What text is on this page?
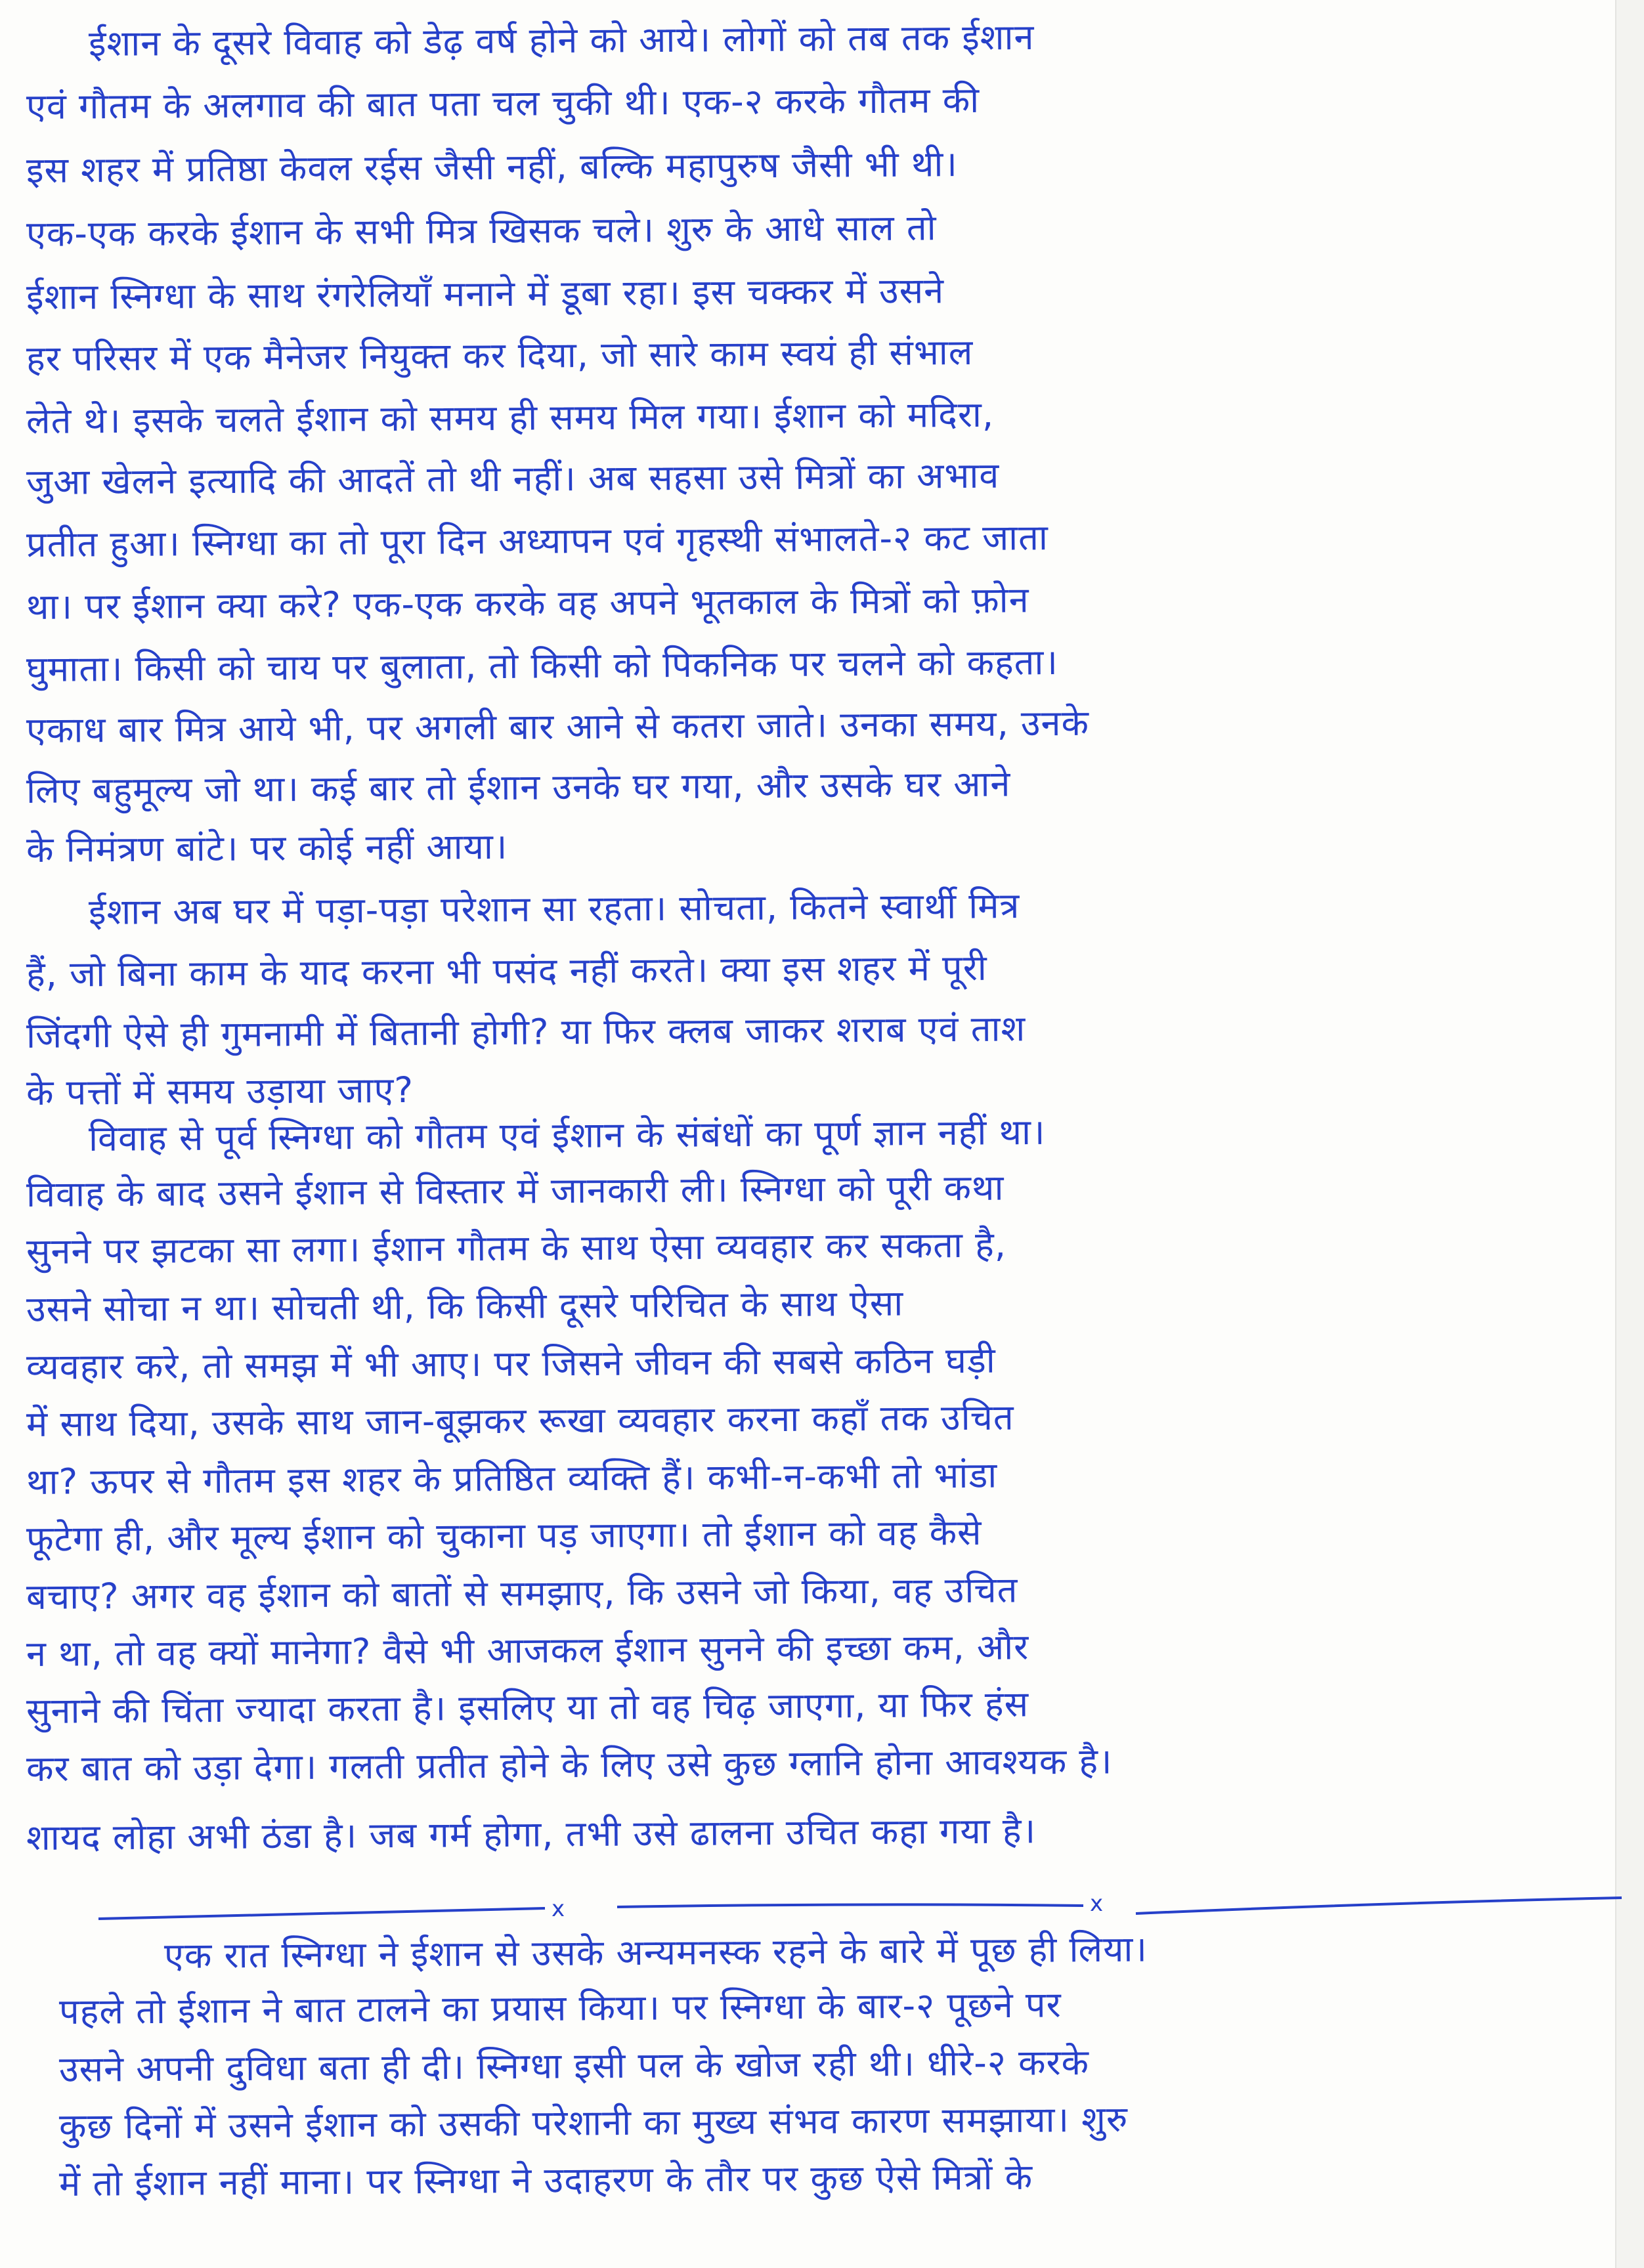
ईशान के दूसरे विवाह को डेढ़ वर्ष होने को आये। लोगों को तब तक ईशान
एवं गौतम के अलगाव की बात पता चल चुकी थी। एक-२ करके गौतम की
इस शहर में प्रतिष्ठा केवल रईस जैसी नहीं, बल्कि महापुरुष जैसी भी थी।
एक-एक करके ईशान के सभी मित्र खिसक चले। शुरु के आधे साल तो
ईशान स्निग्धा के साथ रंगरेलियाँ मनाने में डूबा रहा। इस चक्कर में उसने
हर परिसर में एक मैनेजर नियुक्त कर दिया, जो सारे काम स्वयं ही संभाल
लेते थे। इसके चलते ईशान को समय ही समय मिल गया। ईशान को मदिरा,
जुआ खेलने इत्यादि की आदतें तो थी नहीं। अब सहसा उसे मित्रों का अभाव
प्रतीत हुआ। स्निग्धा का तो पूरा दिन अध्यापन एवं गृहस्थी संभालते-२ कट जाता
था। पर ईशान क्या करे? एक-एक करके वह अपने भूतकाल के मित्रों को फ़ोन
घुमाता। किसी को चाय पर बुलाता, तो किसी को पिकनिक पर चलने को कहता।
एकाध बार मित्र आये भी, पर अगली बार आने से कतरा जाते। उनका समय, उनके
लिए बहुमूल्य जो था। कई बार तो ईशान उनके घर गया, और उसके घर आने
के निमंत्रण बांटे। पर कोई नहीं आया।
ईशान अब घर में पड़ा-पड़ा परेशान सा रहता। सोचता, कितने स्वार्थी मित्र
हैं, जो बिना काम के याद करना भी पसंद नहीं करते। क्या इस शहर में पूरी
जिंदगी ऐसे ही गुमनामी में बितानी होगी? या फिर क्लब जाकर शराब एवं ताश
के पत्तों में समय उड़ाया जाए?
विवाह से पूर्व स्निग्धा को गौतम एवं ईशान के संबंधों का पूर्ण ज्ञान नहीं था।
विवाह के बाद उसने ईशान से विस्तार में जानकारी ली। स्निग्धा को पूरी कथा
सुनने पर झटका सा लगा। ईशान गौतम के साथ ऐसा व्यवहार कर सकता है,
उसने सोचा न था। सोचती थी, कि किसी दूसरे परिचित के साथ ऐसा
व्यवहार करे, तो समझ में भी आए। पर जिसने जीवन की सबसे कठिन घड़ी
में साथ दिया, उसके साथ जान-बूझकर रूखा व्यवहार करना कहाँ तक उचित
था? ऊपर से गौतम इस शहर के प्रतिष्ठित व्यक्ति हैं। कभी-न-कभी तो भांडा
फूटेगा ही, और मूल्य ईशान को चुकाना पड़ जाएगा। तो ईशान को वह कैसे
बचाए? अगर वह ईशान को बातों से समझाए, कि उसने जो किया, वह उचित
न था, तो वह क्यों मानेगा? वैसे भी आजकल ईशान सुनने की इच्छा कम, और
सुनाने की चिंता ज्यादा करता है। इसलिए या तो वह चिढ़ जाएगा, या फिर हंस
कर बात को उड़ा देगा। गलती प्रतीत होने के लिए उसे कुछ ग्लानि होना आवश्यक है।
शायद लोहा अभी ठंडा है। जब गर्म होगा, तभी उसे ढालना उचित कहा गया है।
एक रात स्निग्धा ने ईशान से उसके अन्यमनस्क रहने के बारे में पूछ ही लिया।
पहले तो ईशान ने बात टालने का प्रयास किया। पर स्निग्धा के बार-२ पूछने पर
उसने अपनी दुविधा बता ही दी। स्निग्धा इसी पल के खोज रही थी। धीरे-२ करके
कुछ दिनों में उसने ईशान को उसकी परेशानी का मुख्य संभव कारण समझाया। शुरु
में तो ईशान नहीं माना। पर स्निग्धा ने उदाहरण के तौर पर कुछ ऐसे मित्रों के
x	x
